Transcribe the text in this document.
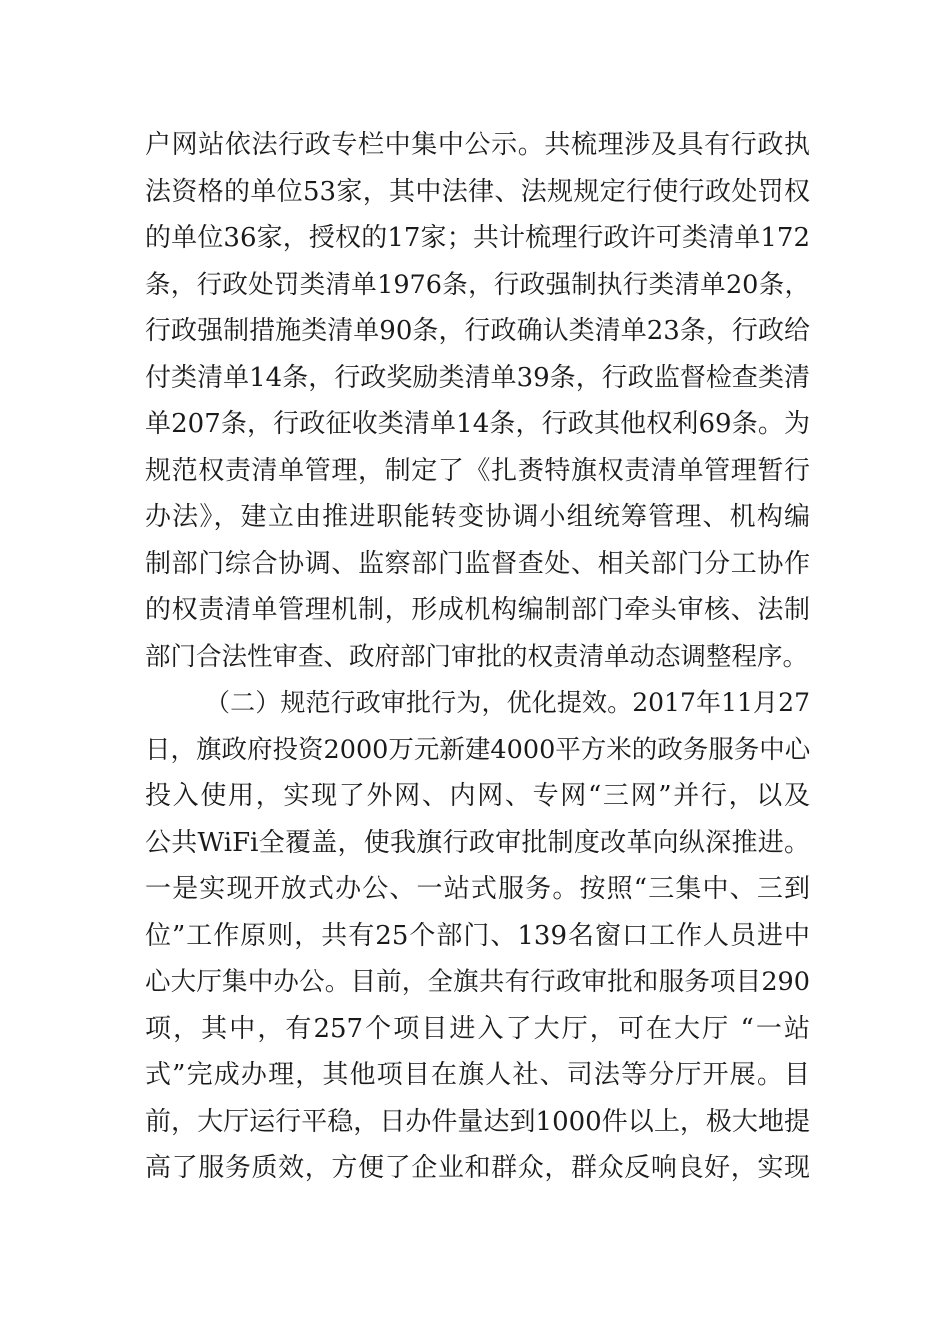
户网站依法行政专栏中集中公示。共梳理涉及具有行政执
法资格的单位53家，其中法律、法规规定行使行政处罚权
的单位36家，授权的17家；共计梳理行政许可类清单172
条，行政处罚类清单1976条，行政强制执行类清单20条，
行政强制措施类清单90条，行政确认类清单23条，行政给
付类清单14条，行政奖励类清单39条，行政监督检查类清
单207条，行政征收类清单14条，行政其他权利69条。为
规范权责清单管理，制定了《扎赉特旗权责清单管理暂行
办法》，建立由推进职能转变协调小组统筹管理、机构编
制部门综合协调、监察部门监督查处、相关部门分工协作
的权责清单管理机制，形成机构编制部门牵头审核、法制
部门合法性审查、政府部门审批的权责清单动态调整程序。
（二）规范行政审批行为，优化提效。2017年11月27
日，旗政府投资2000万元新建4000平方米的政务服务中心
投入使用，实现了外网、内网、专网“三网”并行，以及
公共WiFi全覆盖，使我旗行政审批制度改革向纵深推进。
一是实现开放式办公、一站式服务。按照“三集中、三到
位”工作原则，共有25个部门、139名窗口工作人员进中
心大厅集中办公。目前，全旗共有行政审批和服务项目290
项，其中，有257个项目进入了大厅，可在大厅 “一站
式”完成办理，其他项目在旗人社、司法等分厅开展。目
前，大厅运行平稳，日办件量达到1000件以上，极大地提
高了服务质效，方便了企业和群众，群众反响良好，实现
